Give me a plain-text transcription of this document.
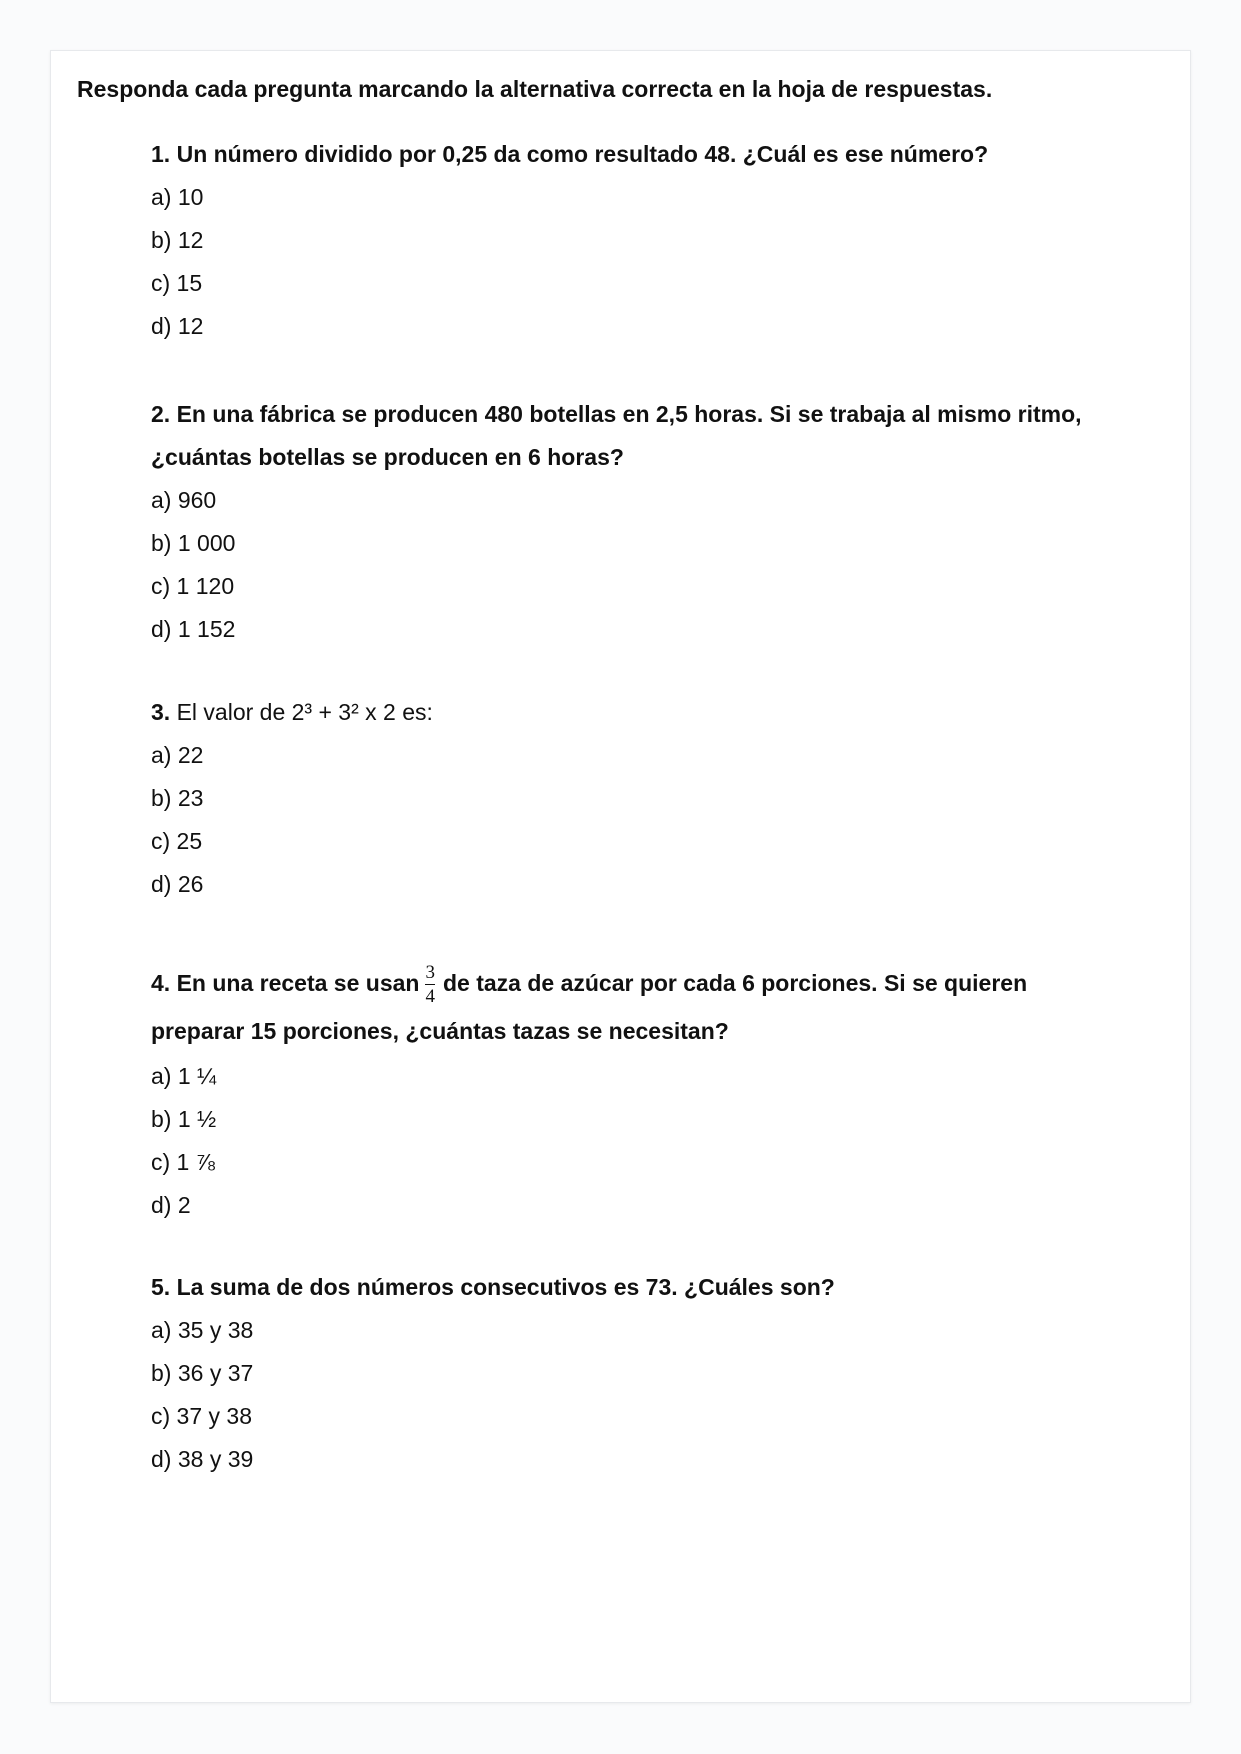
Responda cada pregunta marcando la alternativa correcta en la hoja de respuestas.
1. Un número dividido por 0,25 da como resultado 48. ¿Cuál es ese número?
a) 10
b) 12
c) 15
d) 12
2. En una fábrica se producen 480 botellas en 2,5 horas. Si se trabaja al mismo ritmo,
¿cuántas botellas se producen en 6 horas?
a) 960
b) 1 000
c) 1 120
d) 1 152
3. El valor de 2³ + 3² x 2 es:
a) 22
b) 23
c) 25
d) 26
4. En una receta se usan $\frac{3}{4}$ de taza de azúcar por cada 6 porciones. Si se quieren
preparar 15 porciones, ¿cuántas tazas se necesitan?
a) 1 ¼
b) 1 ½
c) 1 ⅞
d) 2
5. La suma de dos números consecutivos es 73. ¿Cuáles son?
a) 35 y 38
b) 36 y 37
c) 37 y 38
d) 38 y 39
